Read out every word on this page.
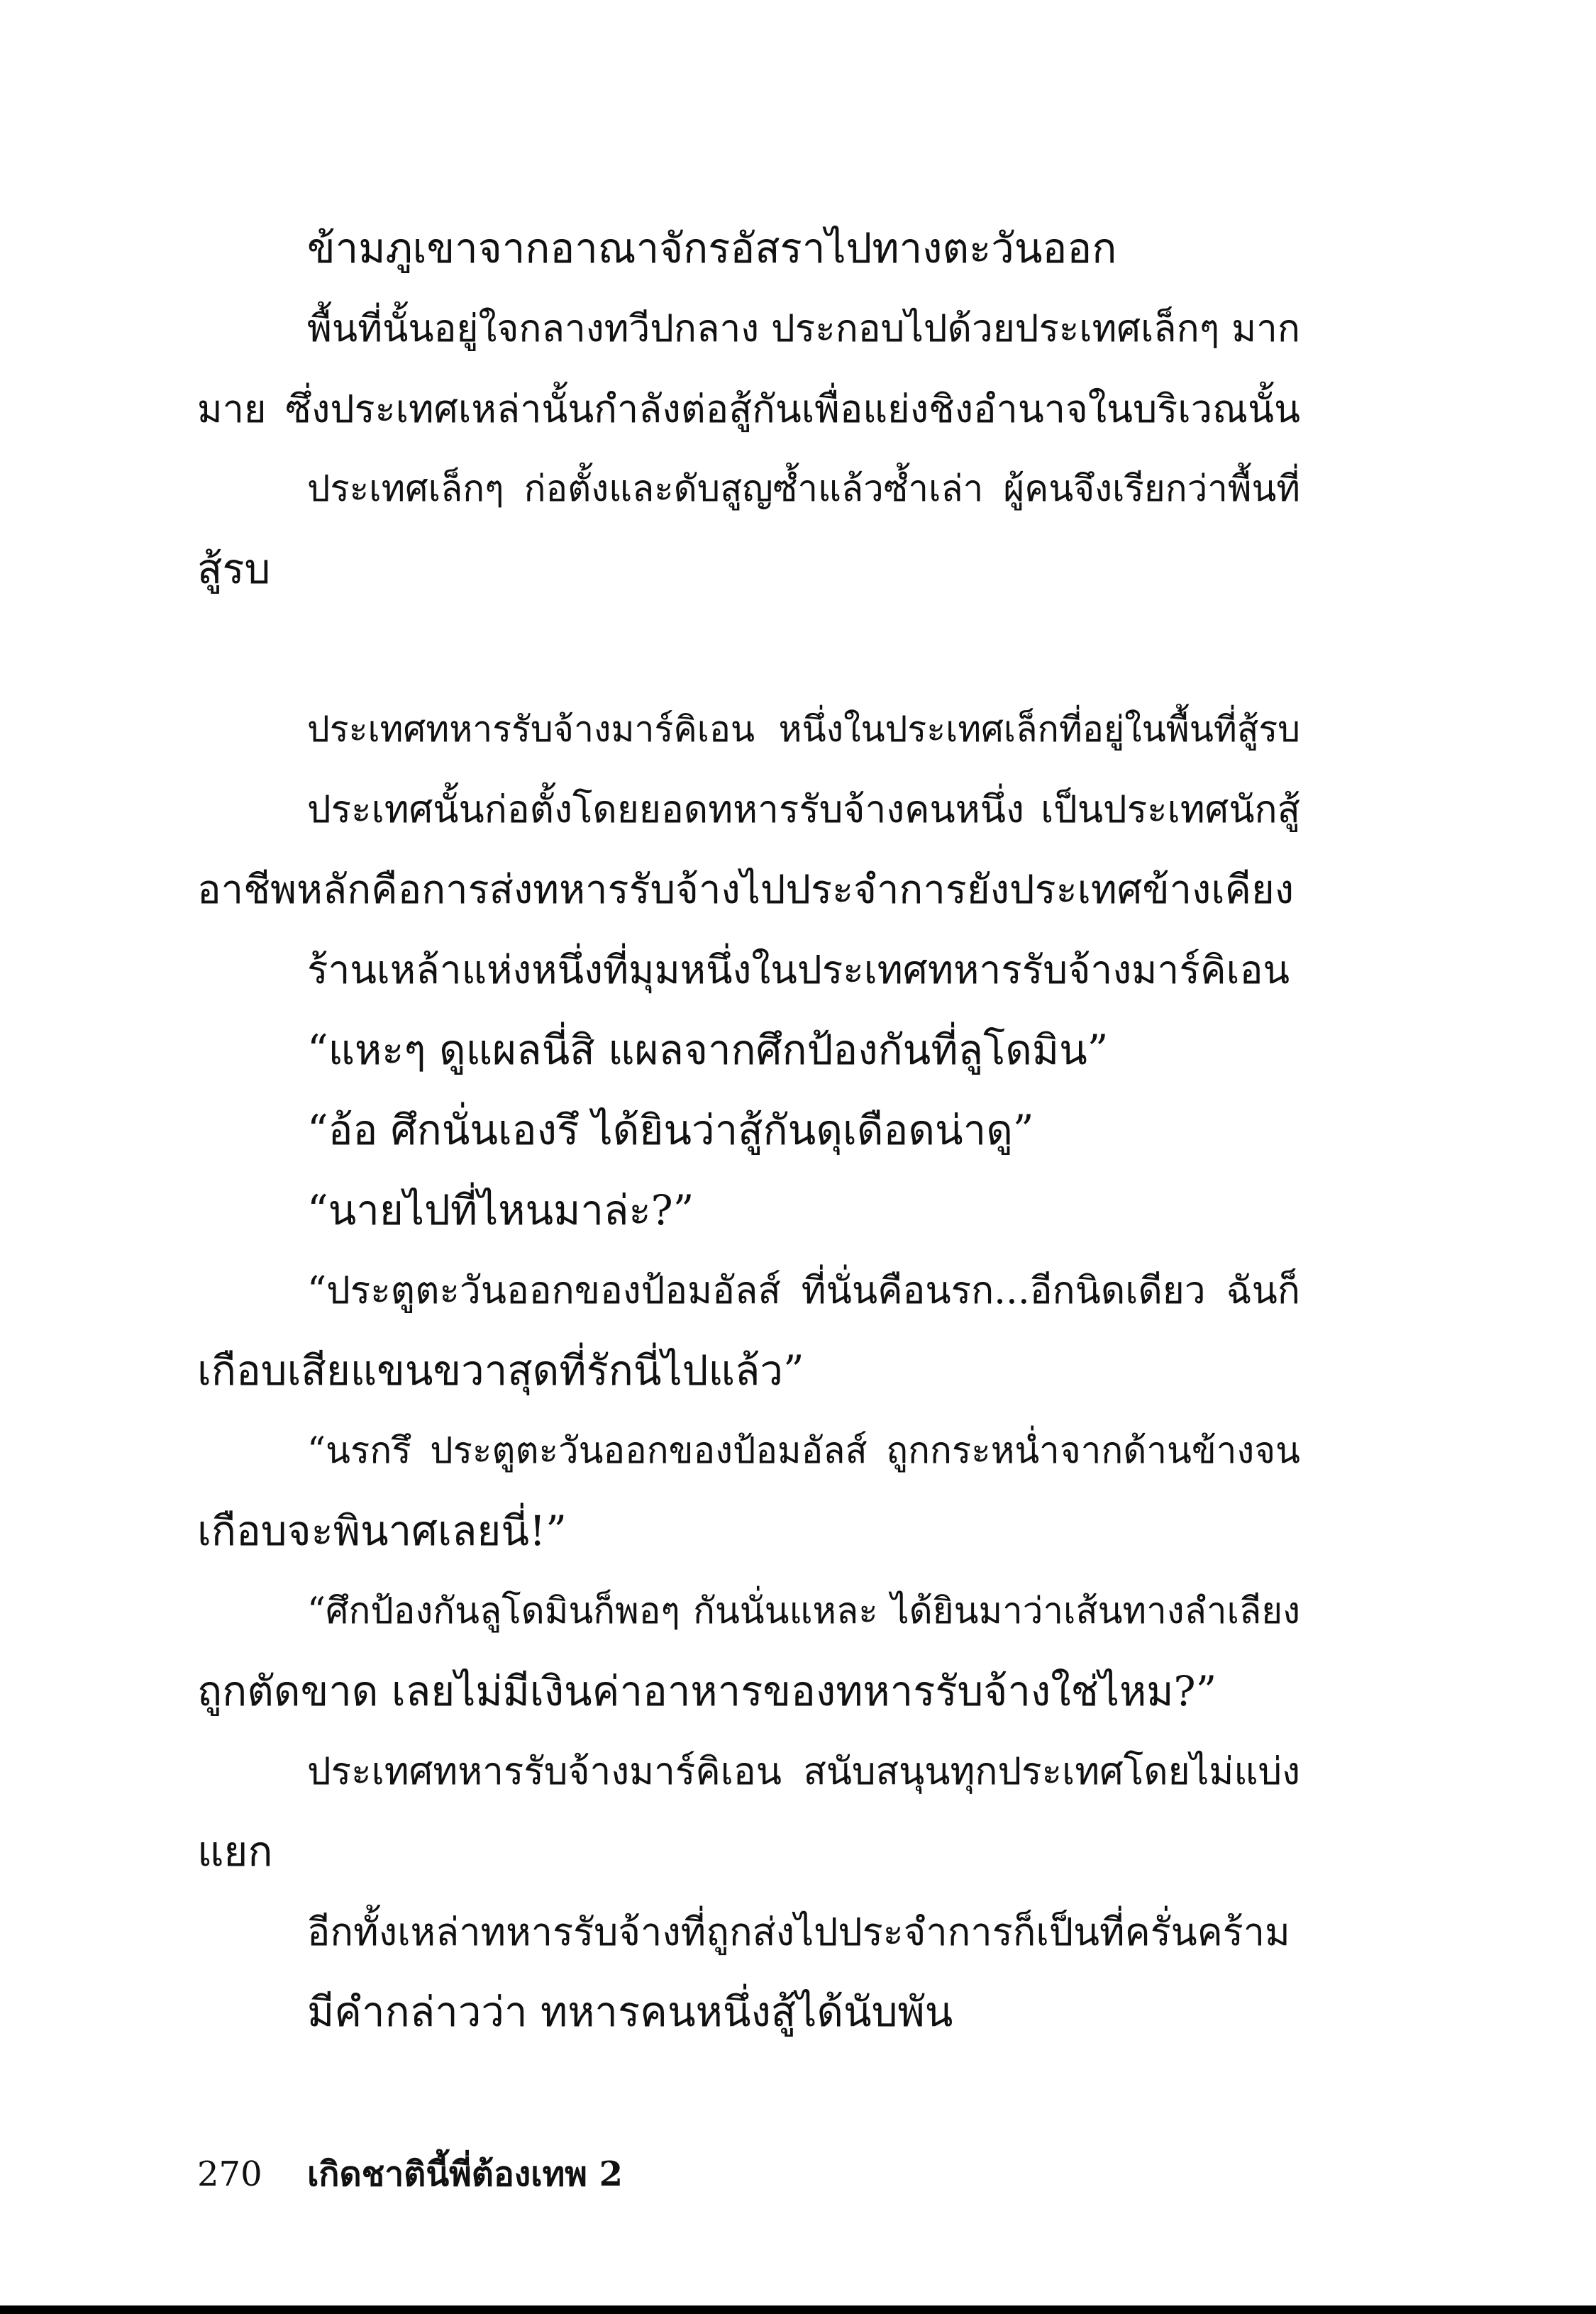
ข้ามภูเขาจากอาณาจักรอัสราไปทางตะวันออก
พื้นที่นั้นอยู่ใจกลางทวีปกลาง ประกอบไปด้วยประเทศเล็กๆ มาก
มาย ซึ่งประเทศเหล่านั้นกำลังต่อสู้กันเพื่อแย่งชิงอำนาจในบริเวณนั้น
ประเทศเล็กๆ ก่อตั้งและดับสูญซ้ำแล้วซ้ำเล่า ผู้คนจึงเรียกว่าพื้นที่
สู้รบ
ประเทศทหารรับจ้างมาร์คิเอน หนึ่งในประเทศเล็กที่อยู่ในพื้นที่สู้รบ
ประเทศนั้นก่อตั้งโดยยอดทหารรับจ้างคนหนึ่ง เป็นประเทศนักสู้
อาชีพหลักคือการส่งทหารรับจ้างไปประจำการยังประเทศข้างเคียง
ร้านเหล้าแห่งหนึ่งที่มุมหนึ่งในประเทศทหารรับจ้างมาร์คิเอน
“แหะๆ ดูแผลนี่สิ แผลจากศึกป้องกันที่ลูโดมิน”
“อ้อ ศึกนั่นเองรึ ได้ยินว่าสู้กันดุเดือดน่าดู”
“นายไปที่ไหนมาล่ะ?”
“ประตูตะวันออกของป้อมอัลส์ ที่นั่นคือนรก...อีกนิดเดียว ฉันก็
เกือบเสียแขนขวาสุดที่รักนี่ไปแล้ว”
“นรกรึ ประตูตะวันออกของป้อมอัลส์ ถูกกระหน่ำจากด้านข้างจน
เกือบจะพินาศเลยนี่!”
“ศึกป้องกันลูโดมินก็พอๆ กันนั่นแหละ ได้ยินมาว่าเส้นทางลำเลียง
ถูกตัดขาด เลยไม่มีเงินค่าอาหารของทหารรับจ้างใช่ไหม?”
ประเทศทหารรับจ้างมาร์คิเอน สนับสนุนทุกประเทศโดยไม่แบ่ง
แยก
อีกทั้งเหล่าทหารรับจ้างที่ถูกส่งไปประจำการก็เป็นที่ครั่นคร้าม
มีคำกล่าวว่า ทหารคนหนึ่งสู้ได้นับพัน
270 เกิดชาตินี้พี่ต้องเทพ 2
